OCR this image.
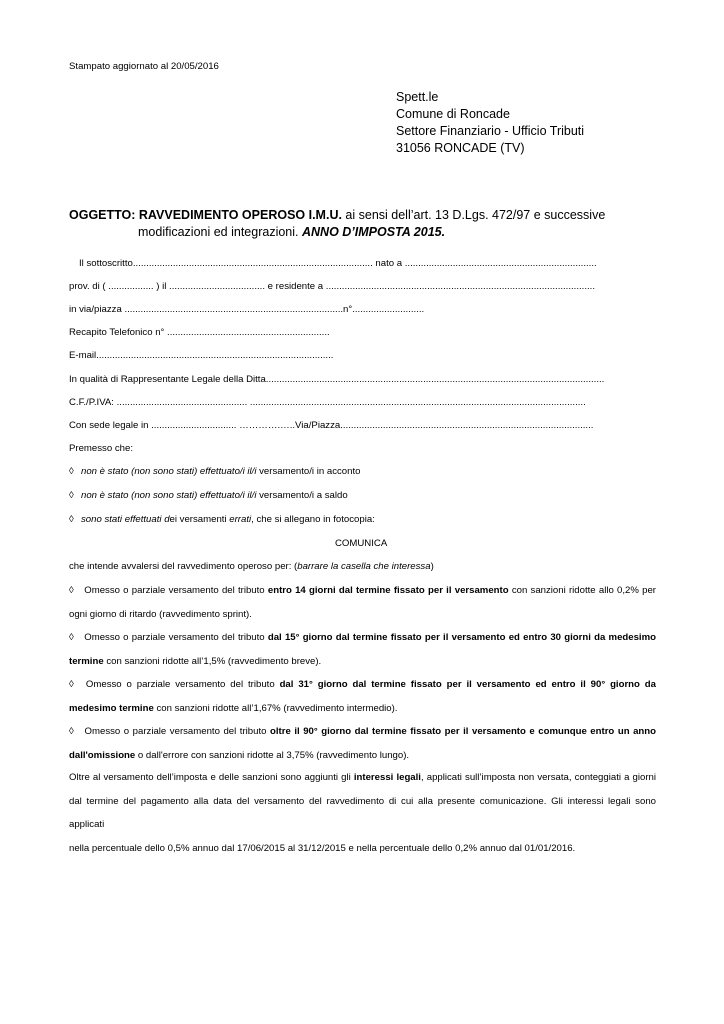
Stampato aggiornato al 20/05/2016
Spett.le
Comune di Roncade
Settore Finanziario - Ufficio Tributi
31056 RONCADE (TV)
OGGETTO: RAVVEDIMENTO OPEROSO I.M.U. ai sensi dell’art. 13 D.Lgs. 472/97 e successive
modificazioni ed integrazioni. ANNO D’IMPOSTA 2015.
Il sottoscritto.......................................................................................... nato a ........................................................................
prov. di ( ................. ) il .................................... e residente a .....................................................................................................
in via/piazza ..................................................................................n°...........................
Recapito Telefonico n° .............................................................
E-mail.........................................................................................
In qualità di Rappresentante Legale della Ditta...............................................................................................................................
C.F./P.IVA: ................................................. ..............................................................................................................................
Con sede legale in ................................ ………….…..Via/Piazza...............................................................................................
Premesso che:
◊ non è stato (non sono stati) effettuato/i il/i versamento/i in acconto
◊ non è stato (non sono stati) effettuato/i il/i versamento/i a saldo
◊ sono stati effettuati dei versamenti errati, che si allegano in fotocopia:
COMUNICA
che intende avvalersi del ravvedimento operoso per: (barrare la casella che interessa)
◊ Omesso o parziale versamento del tributo entro 14 giorni dal termine fissato per il versamento con sanzioni ridotte allo 0,2% per
ogni giorno di ritardo (ravvedimento sprint).
◊ Omesso o parziale versamento del tributo dal 15° giorno dal termine fissato per il versamento ed entro 30 giorni da medesimo
termine con sanzioni ridotte all’1,5% (ravvedimento breve).
◊ Omesso o parziale versamento del tributo dal 31° giorno dal termine fissato per il versamento ed entro il 90° giorno da
medesimo termine con sanzioni ridotte all’1,67% (ravvedimento intermedio).
◊ Omesso o parziale versamento del tributo oltre il 90° giorno dal termine fissato per il versamento e comunque entro un anno
dall'omissione o dall'errore con sanzioni ridotte al 3,75% (ravvedimento lungo).
Oltre al versamento dell’imposta e delle sanzioni sono aggiunti gli interessi legali, applicati sull’imposta non versata, conteggiati a giorni
dal termine del pagamento alla data del versamento del ravvedimento di cui alla presente comunicazione. Gli interessi legali sono applicati
nella percentuale dello 0,5% annuo dal 17/06/2015 al 31/12/2015 e nella percentuale dello 0,2% annuo dal 01/01/2016.
